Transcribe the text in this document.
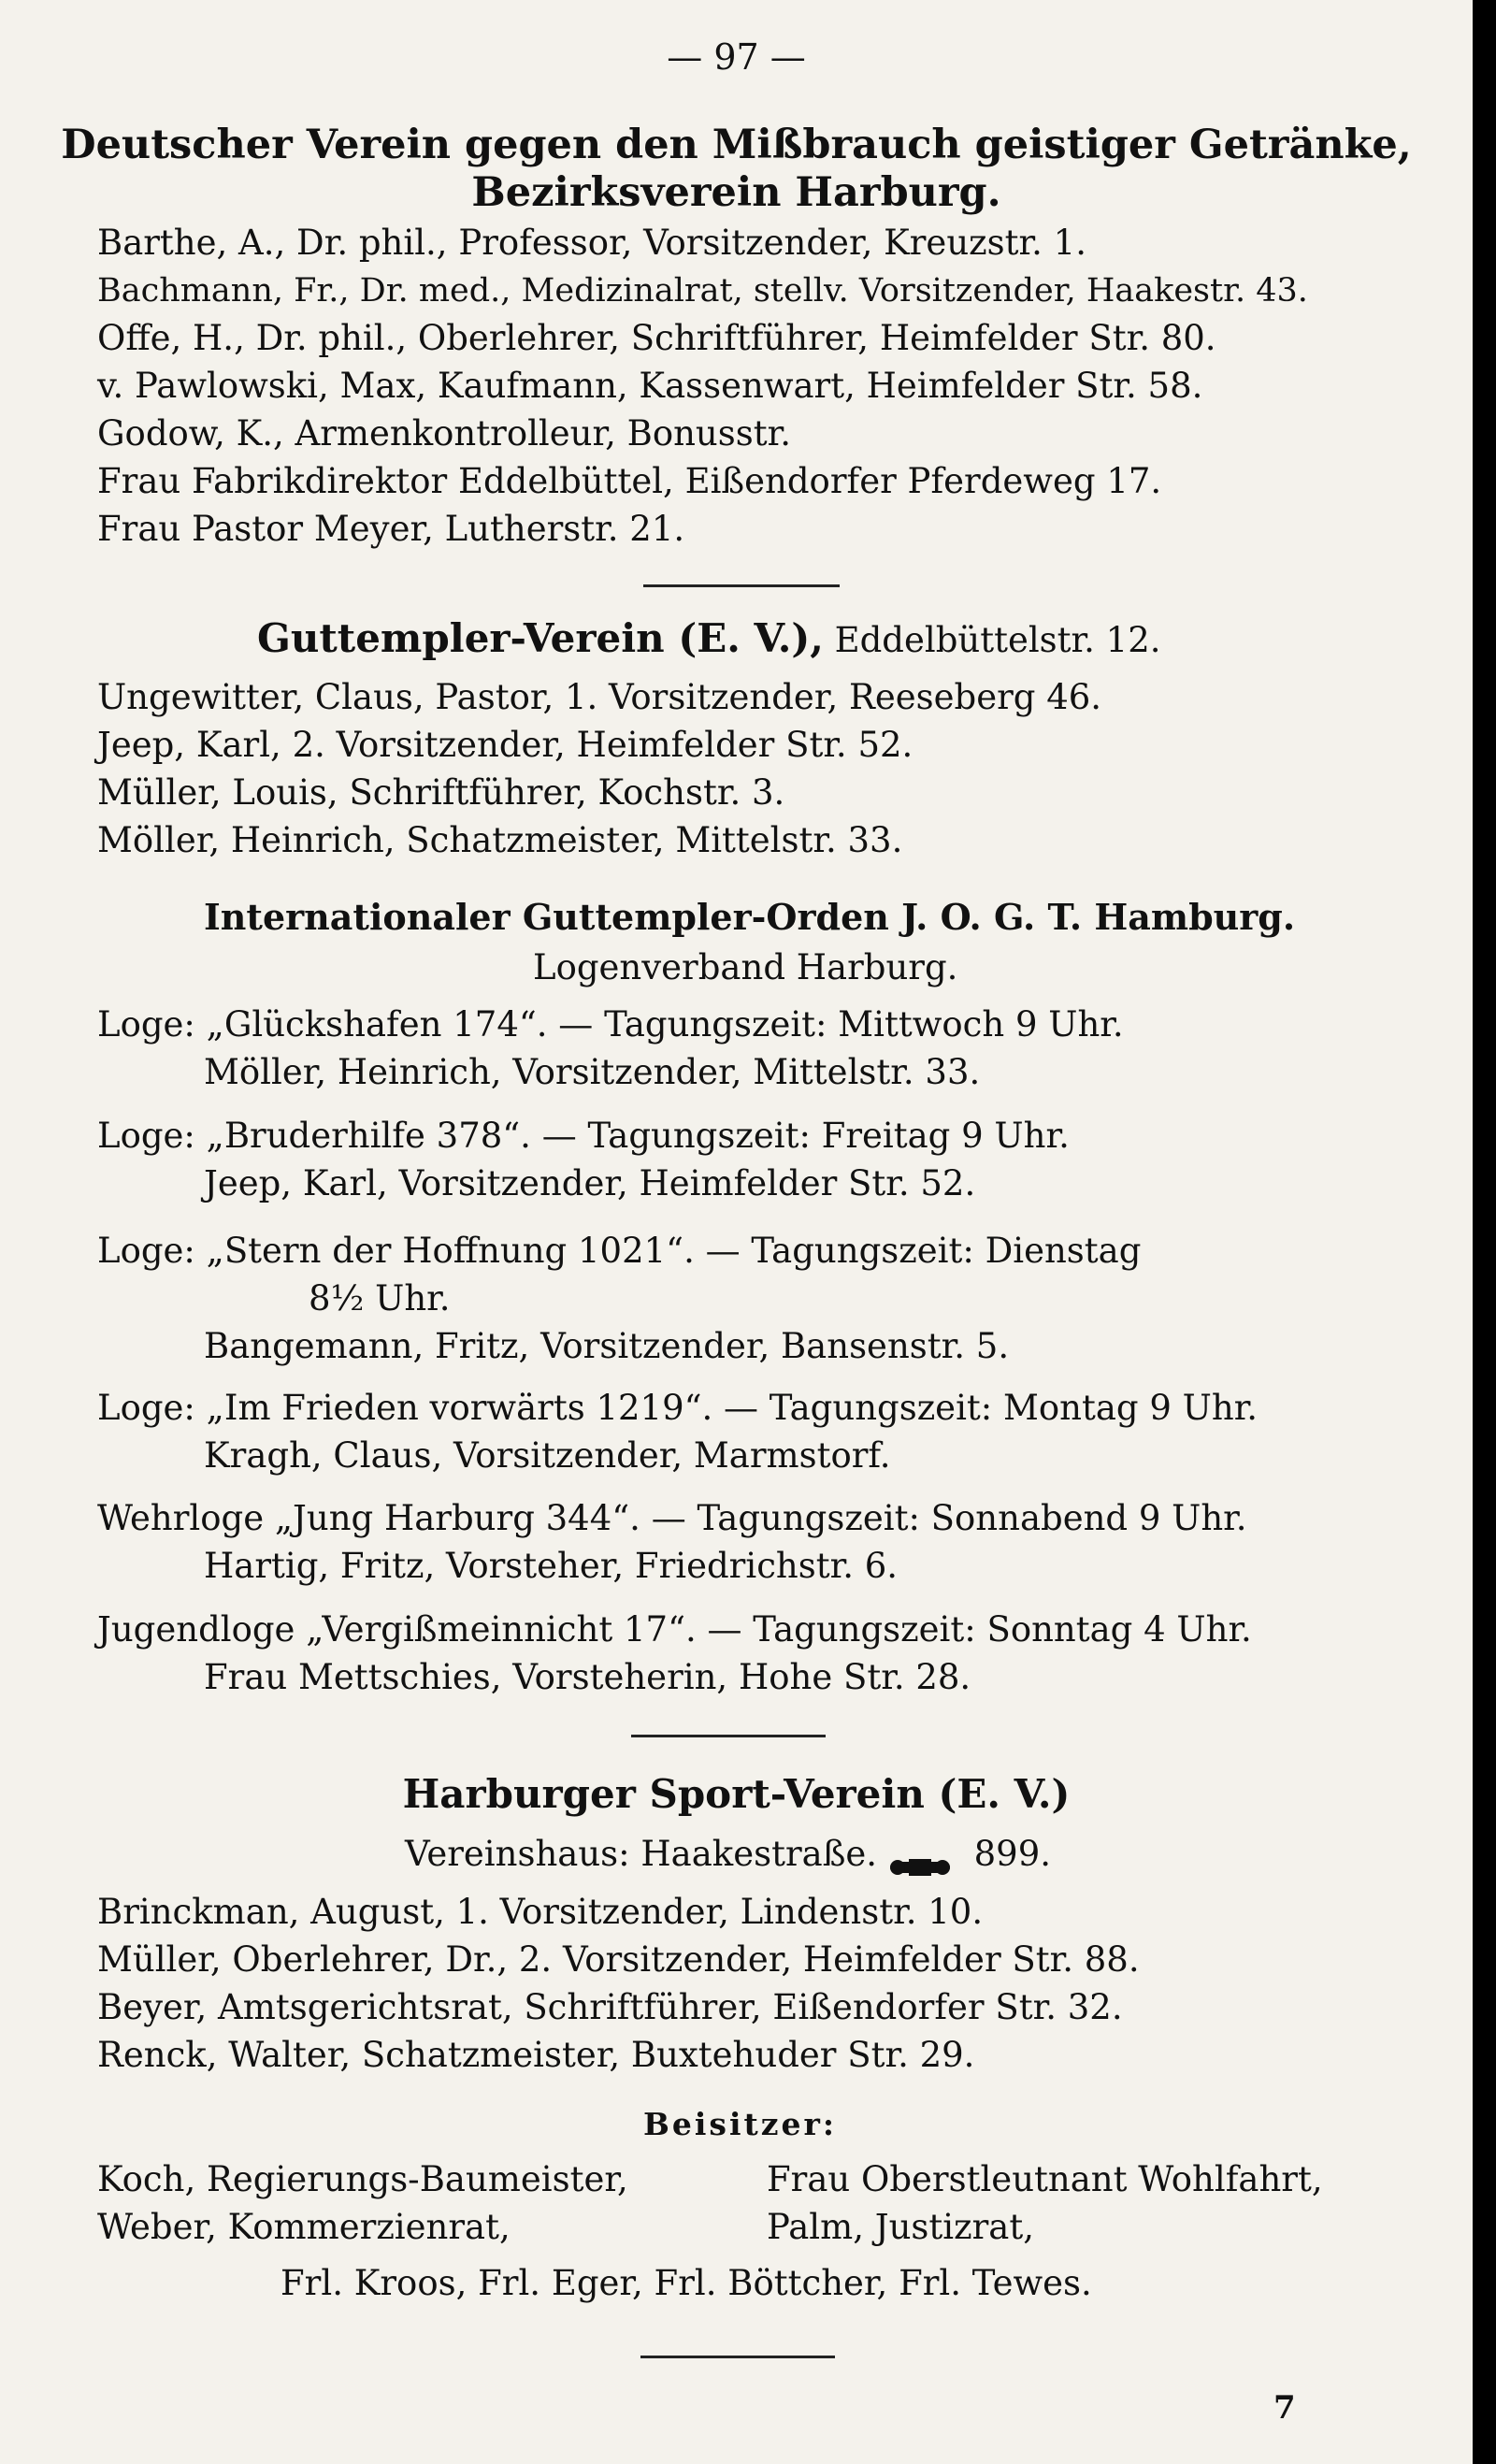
— 97 —
Deutscher Verein gegen den Mißbrauch geistiger Getränke,
Bezirksverein Harburg.
Barthe, A., Dr. phil., Professor, Vorsitzender, Kreuzstr. 1.
Bachmann, Fr., Dr. med., Medizinalrat, stellv. Vorsitzender, Haakestr. 43.
Offe, H., Dr. phil., Oberlehrer, Schriftführer, Heimfelder Str. 80.
v. Pawlowski, Max, Kaufmann, Kassenwart, Heimfelder Str. 58.
Godow, K., Armenkontrolleur, Bonusstr.
Frau Fabrikdirektor Eddelbüttel, Eißendorfer Pferdeweg 17.
Frau Pastor Meyer, Lutherstr. 21.
Guttempler-Verein (E. V.), Eddelbüttelstr. 12.
Ungewitter, Claus, Pastor, 1. Vorsitzender, Reeseberg 46.
Jeep, Karl, 2. Vorsitzender, Heimfelder Str. 52.
Müller, Louis, Schriftführer, Kochstr. 3.
Möller, Heinrich, Schatzmeister, Mittelstr. 33.
Internationaler Guttempler-Orden J. O. G. T. Hamburg.
Logenverband Harburg.
Loge: „Glückshafen 174“. — Tagungszeit: Mittwoch 9 Uhr.
Möller, Heinrich, Vorsitzender, Mittelstr. 33.
Loge: „Bruderhilfe 378“. — Tagungszeit: Freitag 9 Uhr.
Jeep, Karl, Vorsitzender, Heimfelder Str. 52.
Loge: „Stern der Hoffnung 1021“. — Tagungszeit: Dienstag
8½ Uhr.
Bangemann, Fritz, Vorsitzender, Bansenstr. 5.
Loge: „Im Frieden vorwärts 1219“. — Tagungszeit: Montag 9 Uhr.
Kragh, Claus, Vorsitzender, Marmstorf.
Wehrloge „Jung Harburg 344“. — Tagungszeit: Sonnabend 9 Uhr.
Hartig, Fritz, Vorsteher, Friedrichstr. 6.
Jugendloge „Vergißmeinnicht 17“. — Tagungszeit: Sonntag 4 Uhr.
Frau Mettschies, Vorsteherin, Hohe Str. 28.
Harburger Sport-Verein (E. V.)
Vereinshaus: Haakestraße.	899.
Brinckman, August, 1. Vorsitzender, Lindenstr. 10.
Müller, Oberlehrer, Dr., 2. Vorsitzender, Heimfelder Str. 88.
Beyer, Amtsgerichtsrat, Schriftführer, Eißendorfer Str. 32.
Renck, Walter, Schatzmeister, Buxtehuder Str. 29.
Beisitzer:
Koch, Regierungs-Baumeister,	Frau Oberstleutnant Wohlfahrt,
Weber, Kommerzienrat,	Palm, Justizrat,
Frl. Kroos, Frl. Eger, Frl. Böttcher, Frl. Tewes.
7
